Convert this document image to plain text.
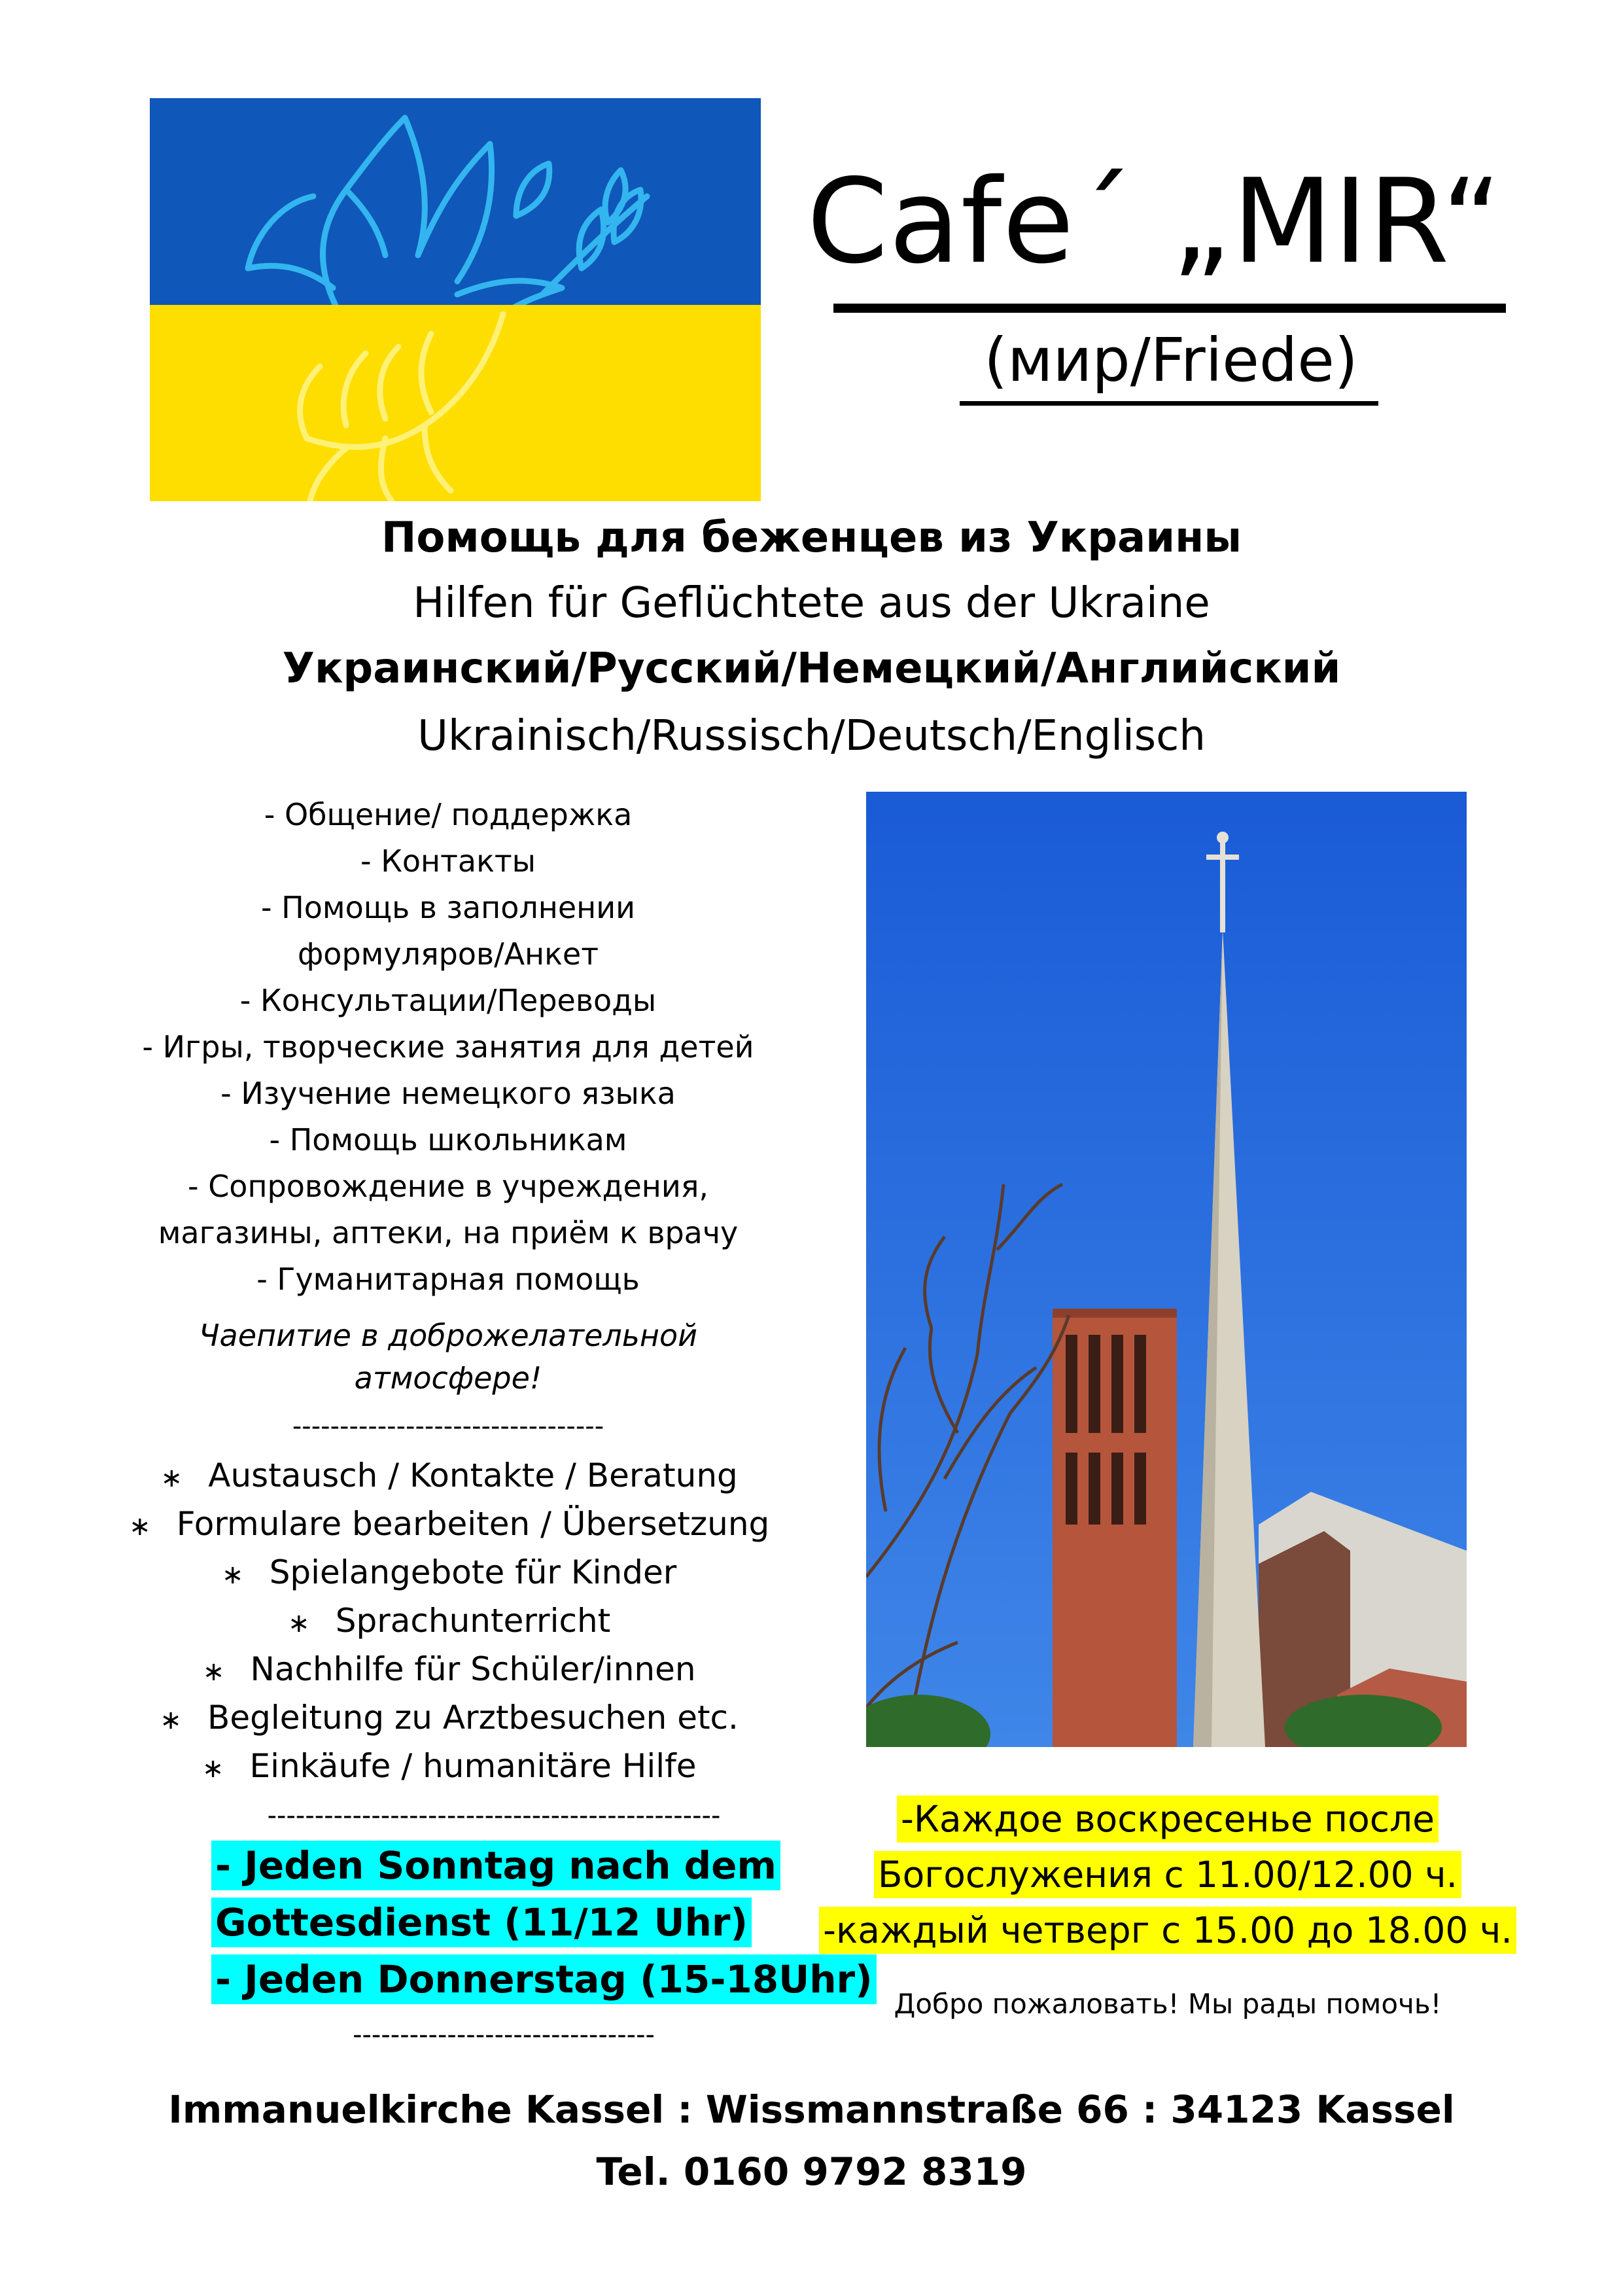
Cafe´ „MIR“
(мир/Friede)
Помощь для беженцев из Украины
Hilfen für Geflüchtete aus der Ukraine
Украинский/Русский/Немецкий/Английский
Ukrainisch/Russisch/Deutsch/Englisch
- Общение/ поддержка
- Контакты
- Помощь в заполнении
формуляров/Анкет
- Консультации/Переводы
- Игры, творческие занятия для детей
- Изучение немецкого языка
- Помощь школьникам
- Сопровождение в учреждения,
магазины, аптеки, на приём к врачу
- Гуманитарная помощь
Чаепитие в доброжелательной
атмосфере!
---------------------------------
∗ Austausch / Kontakte / Beratung
∗ Formulare bearbeiten / Übersetzung
∗ Spielangebote für Kinder
∗ Sprachunterricht
∗ Nachhilfe für Schüler/innen
∗ Begleitung zu Arztbesuchen etc.
∗ Einkäufe / humanitäre Hilfe
------------------------------------------------
- Jeden Sonntag nach dem
Gottesdienst (11/12 Uhr)
- Jeden Donnerstag (15-18Uhr)
--------------------------------
-Каждое воскресенье после
Богослужения с 11.00/12.00 ч.
-каждый четверг с 15.00 до 18.00 ч.
Добро пожаловать! Мы рады помочь!
Immanuelkirche Kassel : Wissmannstraße 66 : 34123 Kassel
Tel. 0160 9792 8319
